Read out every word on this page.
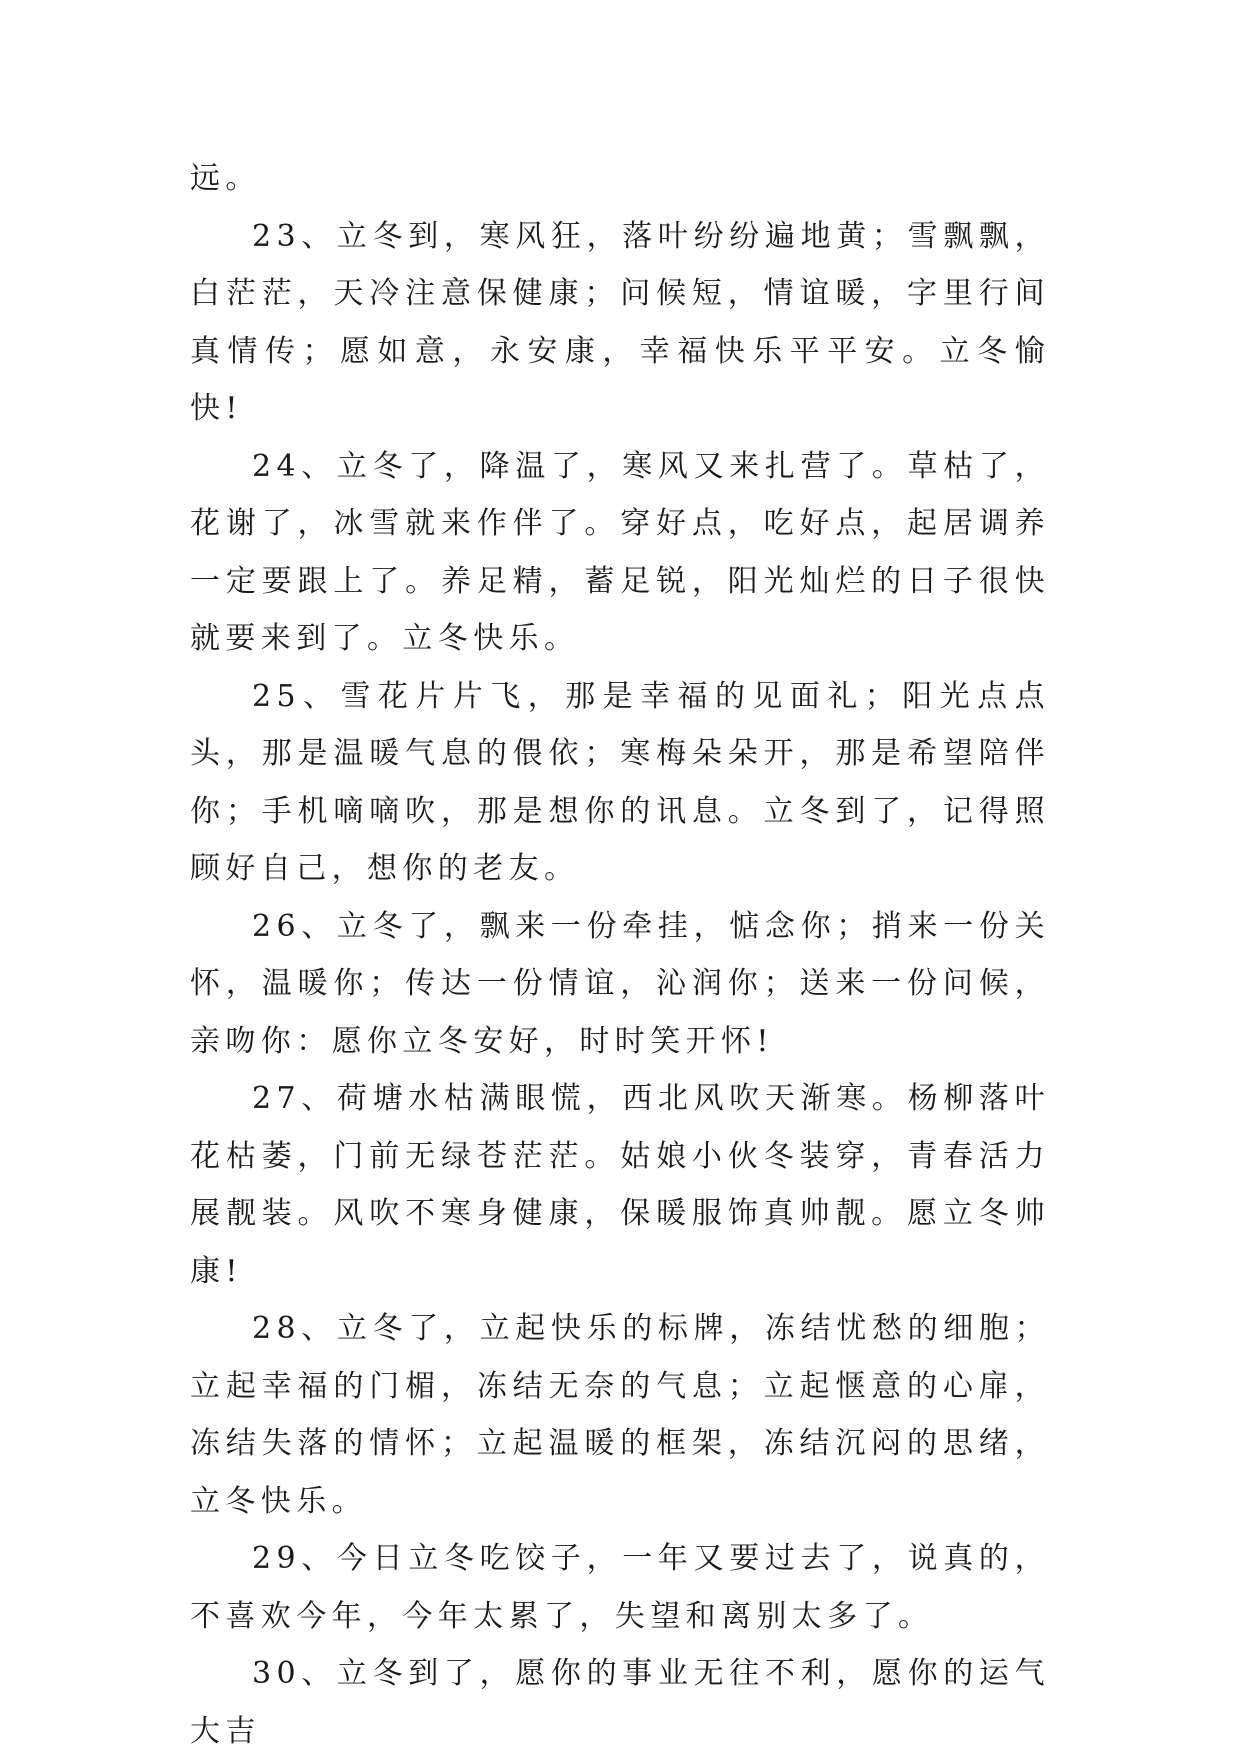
远。

23、立冬到，寒风狂，落叶纷纷遍地黄；雪飘飘，白茫茫，天冷注意保健康；问候短，情谊暖，字里行间真情传；愿如意，永安康，幸福快乐平平安。立冬愉快!

24、立冬了，降温了，寒风又来扎营了。草枯了，花谢了，冰雪就来作伴了。穿好点，吃好点，起居调养一定要跟上了。养足精，蓄足锐，阳光灿烂的日子很快就要来到了。立冬快乐。

25、雪花片片飞，那是幸福的见面礼；阳光点点头，那是温暖气息的偎依；寒梅朵朵开，那是希望陪伴你；手机嘀嘀吹，那是想你的讯息。立冬到了，记得照顾好自己，想你的老友。

26、立冬了，飘来一份牵挂，惦念你；捎来一份关怀，温暖你；传达一份情谊，沁润你；送来一份问候，亲吻你：愿你立冬安好，时时笑开怀!

27、荷塘水枯满眼慌，西北风吹天渐寒。杨柳落叶花枯萎，门前无绿苍茫茫。姑娘小伙冬装穿，青春活力展靓装。风吹不寒身健康，保暖服饰真帅靓。愿立冬帅康!

28、立冬了，立起快乐的标牌，冻结忧愁的细胞；立起幸福的门楣，冻结无奈的气息；立起惬意的心扉，冻结失落的情怀；立起温暖的框架，冻结沉闷的思绪，立冬快乐。

29、今日立冬吃饺子，一年又要过去了，说真的，不喜欢今年，今年太累了，失望和离别太多了。

30、立冬到了，愿你的事业无往不利，愿你的运气大吉
